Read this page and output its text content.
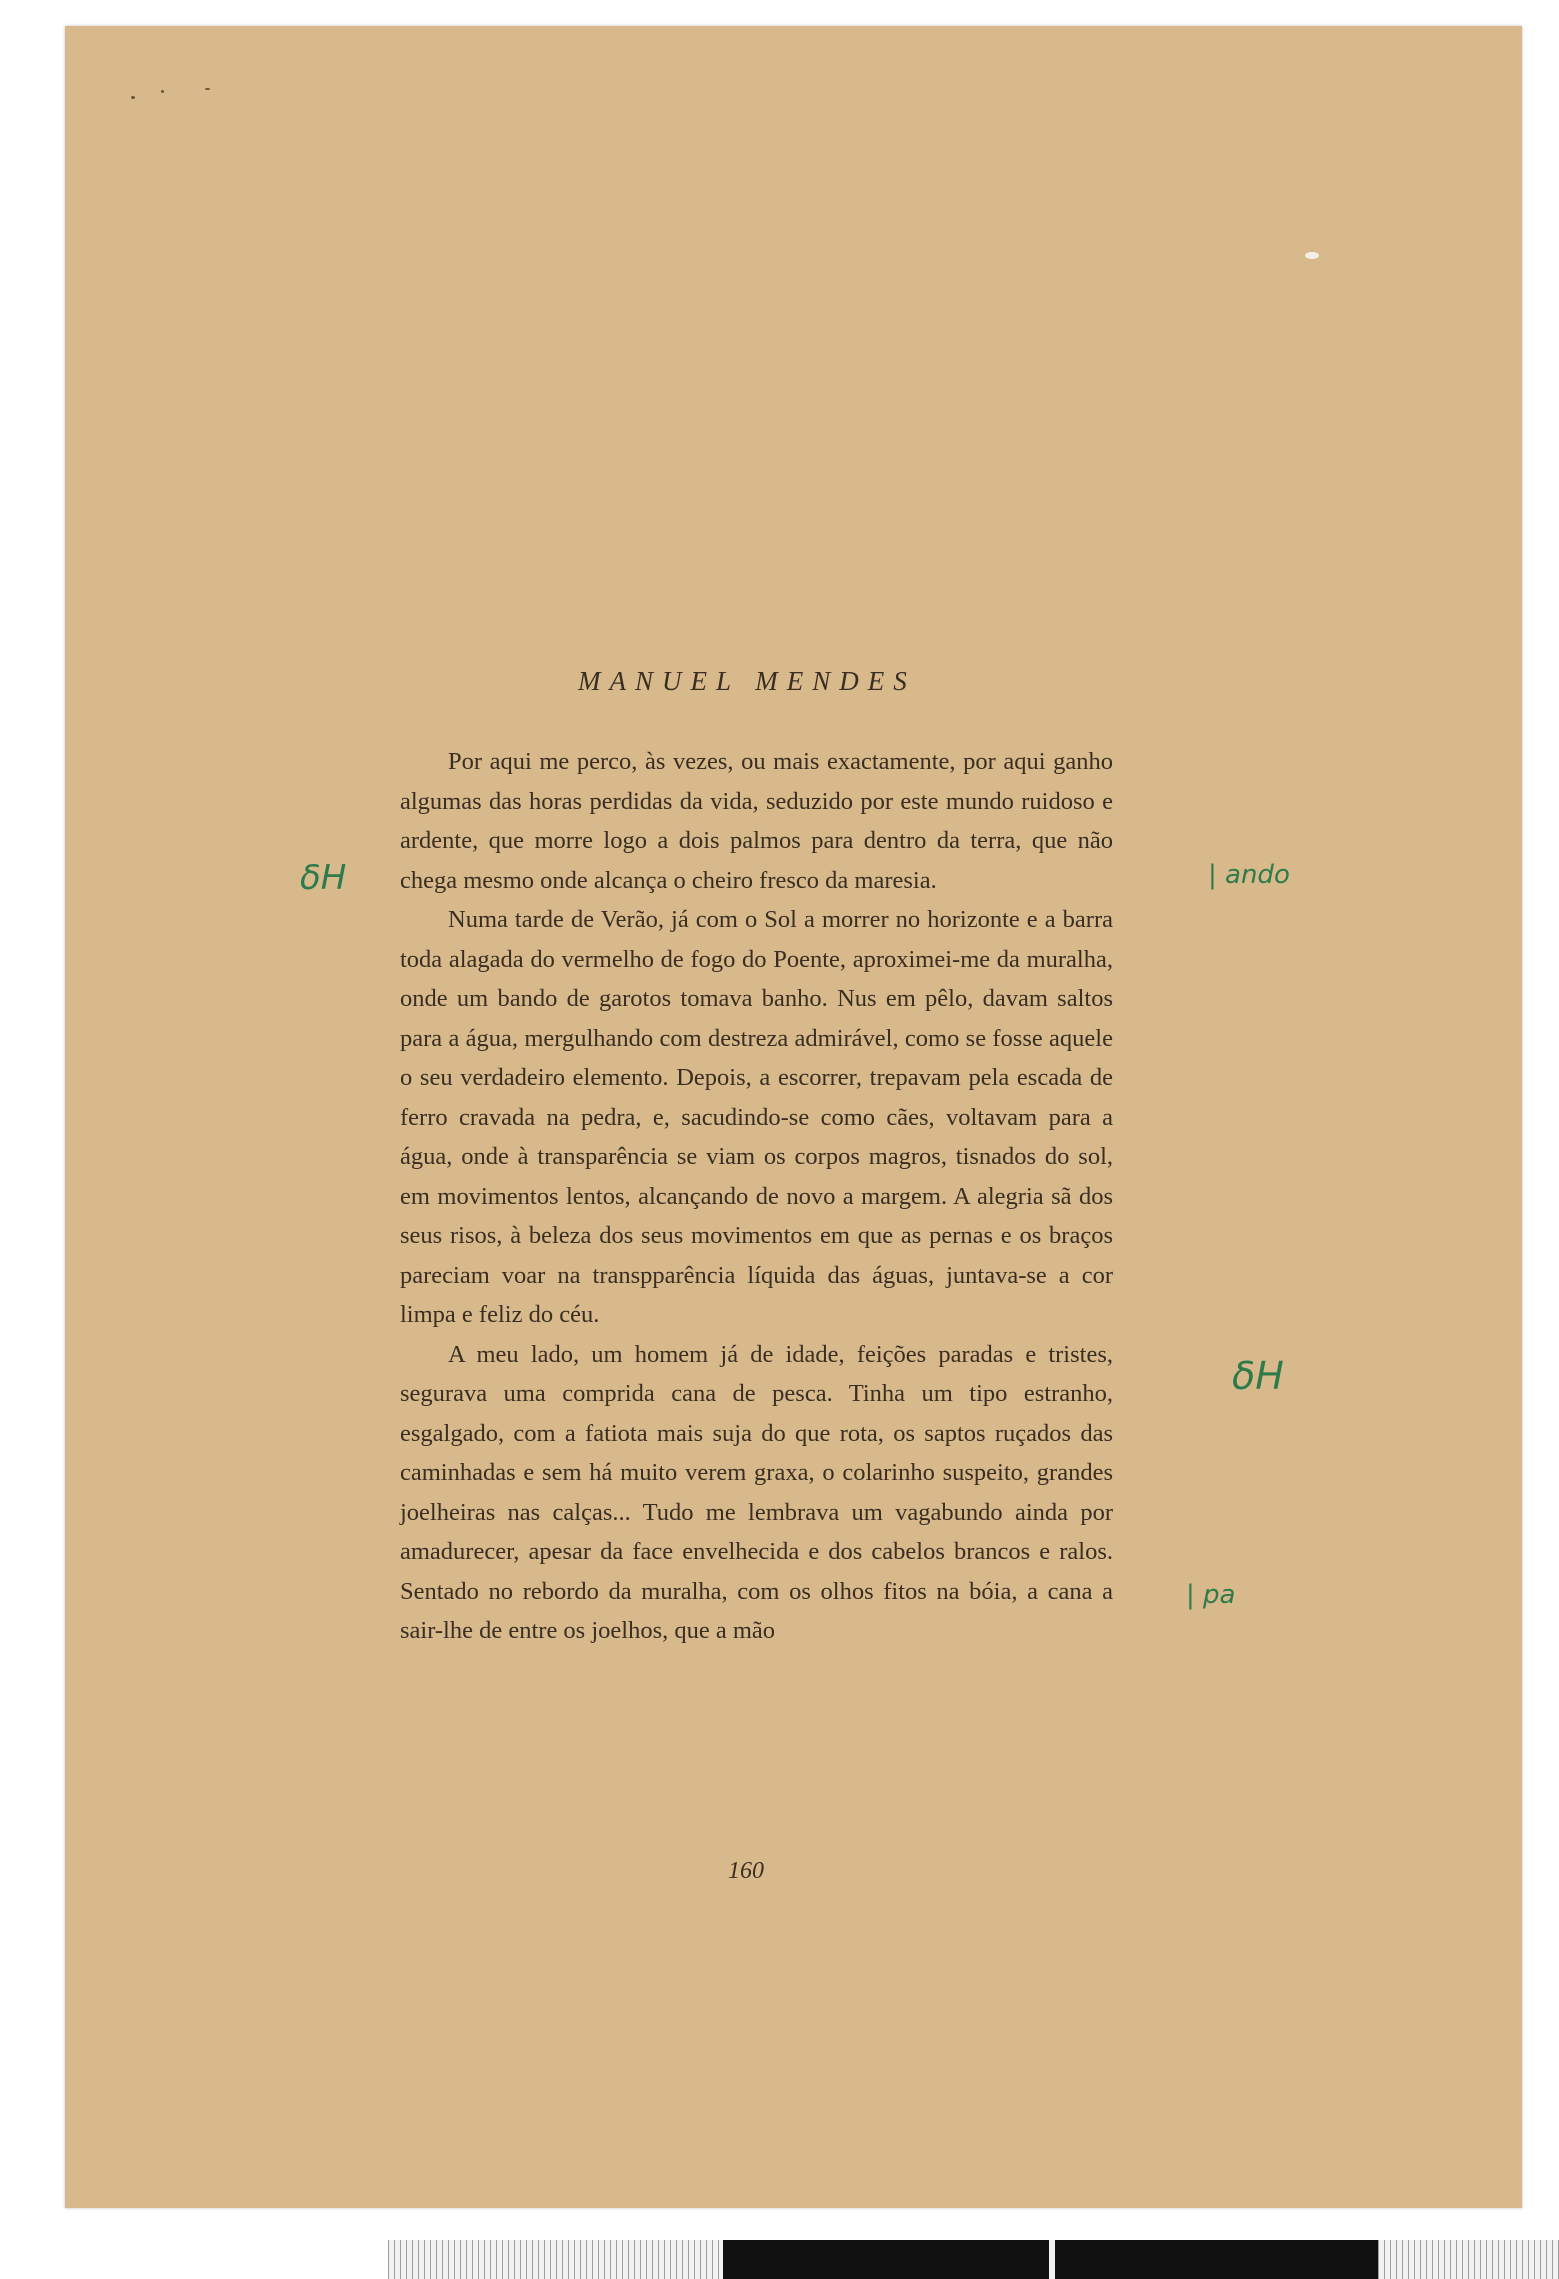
MANUEL MENDES

Por aqui me perco, às vezes, ou mais exactamente, por aqui ganho algumas das horas perdidas da vida, seduzido por este mundo ruidoso e ardente, que morre logo a dois palmos para dentro da terra, que não chega mesmo onde alcança o cheiro fresco da maresia.

Numa tarde de Verão, já com o Sol a morrer no horizonte e a barra toda alagada do vermelho de fogo do Poente, aproximei-me da muralha, onde um bando de garotos tomava banho. Nus em pêlo, davam saltos para a água, mergulhando com destreza admirável, como se fosse aquele o seu verdadeiro elemento. Depois, a escorrer, trepavam pela escada de ferro cravada na pedra, e, sacudindo-se como cães, voltavam para a água, onde à transparência se viam os corpos magros, tisnados do sol, em movimentos lentos, alcançando de novo a margem. A alegria sã dos seus risos, à beleza dos seus movimentos em que as pernas e os braços pareciam voar na transpparência líquida das águas, juntava-se a cor limpa e feliz do céu.

A meu lado, um homem já de idade, feições paradas e tristes, segurava uma comprida cana de pesca. Tinha um tipo estranho, esgalgado, com a fatiota mais suja do que rota, os saptos ruçados das caminhadas e sem há muito verem graxa, o colarinho suspeito, grandes joelheiras nas calças... Tudo me lembrava um vagabundo ainda por amadurecer, apesar da face envelhecida e dos cabelos brancos e ralos. Sentado no rebordo da muralha, com os olhos fitos na bóia, a cana a sair-lhe de entre os joelhos, que a mão

160
δH	| ando
δH
| pa
